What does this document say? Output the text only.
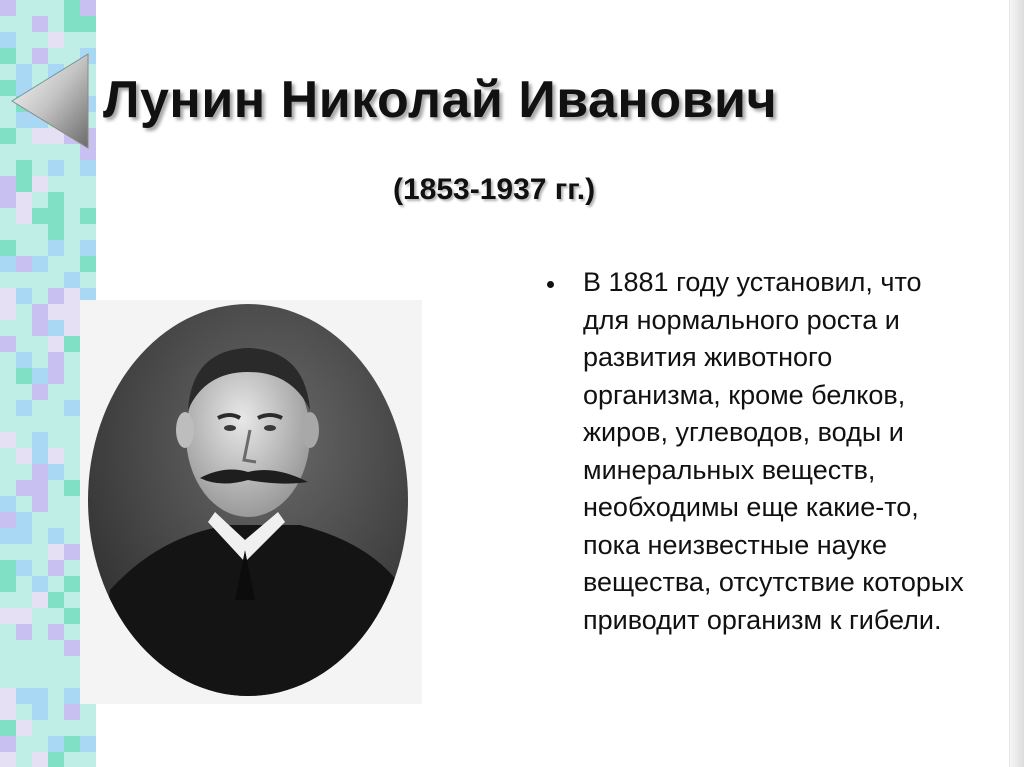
Лунин Николай Иванович
(1853-1937 гг.)
В 1881 году установил, что для нормального роста и развития животного организма, кроме белков, жиров, углеводов, воды и минеральных веществ, необходимы еще какие-то, пока неизвестные науке вещества, отсутствие которых приводит организм к гибели.
